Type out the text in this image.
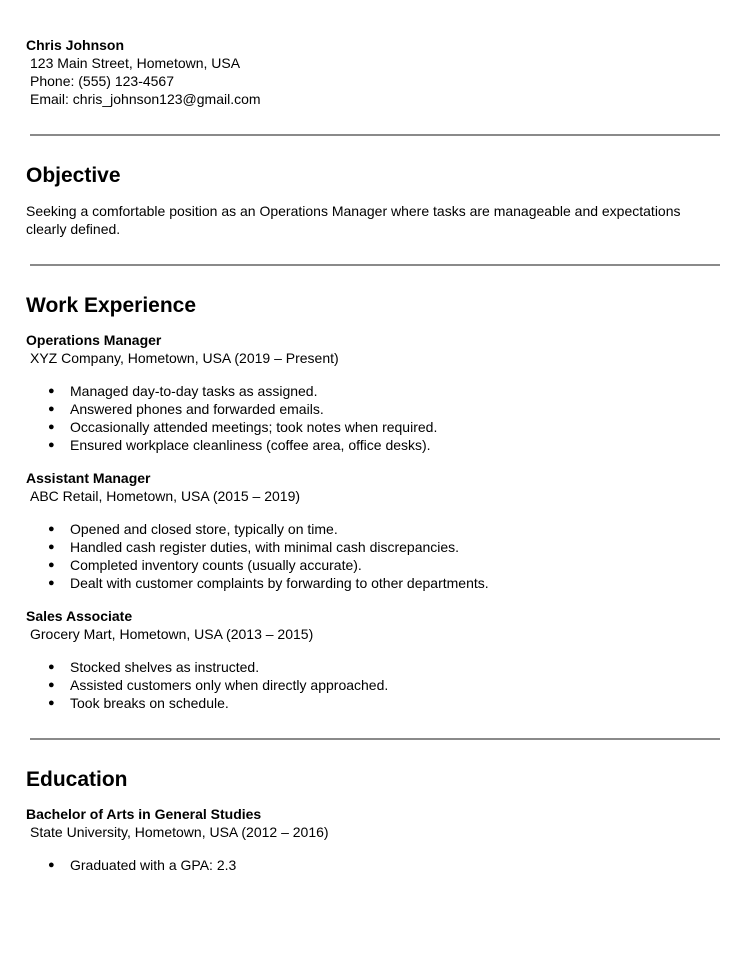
Chris Johnson
123 Main Street, Hometown, USA
Phone: (555) 123-4567
Email: chris_johnson123@gmail.com
Objective
Seeking a comfortable position as an Operations Manager where tasks are manageable and expectations clearly defined.
Work Experience
Operations Manager
XYZ Company, Hometown, USA (2019 – Present)
● Managed day-to-day tasks as assigned.
● Answered phones and forwarded emails.
● Occasionally attended meetings; took notes when required.
● Ensured workplace cleanliness (coffee area, office desks).
Assistant Manager
ABC Retail, Hometown, USA (2015 – 2019)
● Opened and closed store, typically on time.
● Handled cash register duties, with minimal cash discrepancies.
● Completed inventory counts (usually accurate).
● Dealt with customer complaints by forwarding to other departments.
Sales Associate
Grocery Mart, Hometown, USA (2013 – 2015)
● Stocked shelves as instructed.
● Assisted customers only when directly approached.
● Took breaks on schedule.
Education
Bachelor of Arts in General Studies
State University, Hometown, USA (2012 – 2016)
● Graduated with a GPA: 2.3
